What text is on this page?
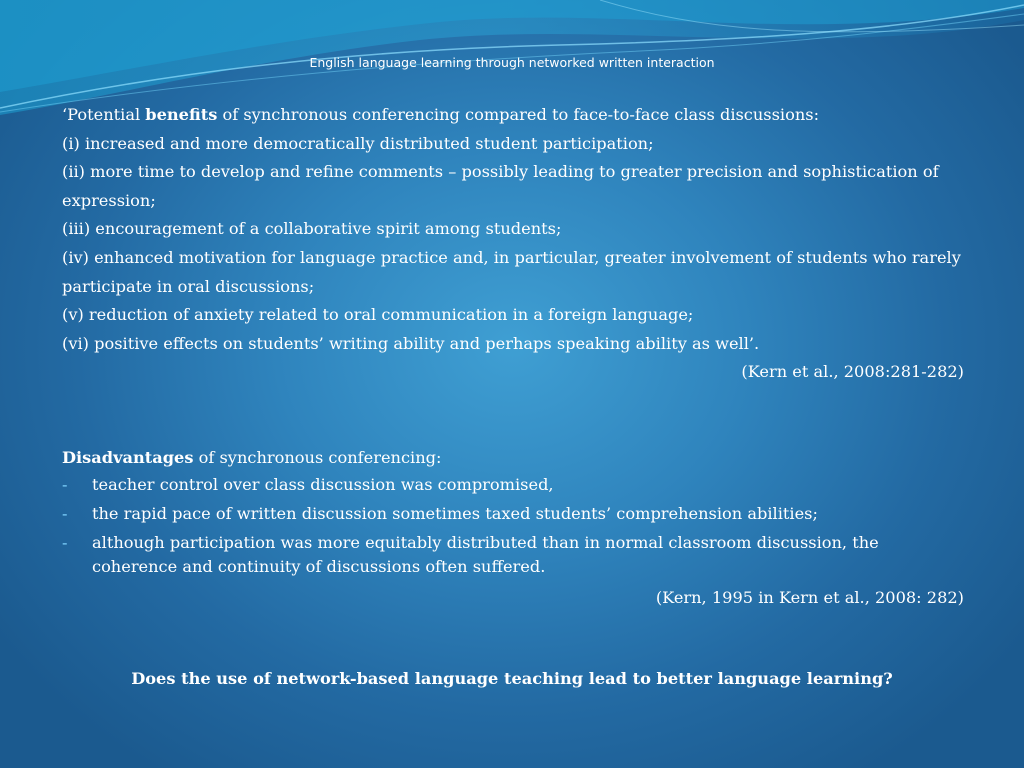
English language learning through networked written interaction

‘Potential benefits of synchronous conferencing compared to face-to-face class discussions:

(i) increased and more democratically distributed student participation;

(ii) more time to develop and refine comments – possibly leading to greater precision and sophistication of expression;

(iii) encouragement of a collaborative spirit among students;

(iv) enhanced motivation for language practice and, in particular, greater involvement of students who rarely participate in oral discussions;

(v) reduction of anxiety related to oral communication in a foreign language;

(vi) positive effects on students’ writing ability and perhaps speaking ability as well’.

(Kern et al., 2008:281-282)

Disadvantages of synchronous conferencing:

- teacher control over class discussion was compromised,
- the rapid pace of written discussion sometimes taxed students’ comprehension abilities;
- although participation was more equitably distributed than in normal classroom discussion, the coherence and continuity of discussions often suffered.

(Kern, 1995 in Kern et al., 2008: 282)

Does the use of network-based language teaching lead to better language learning?
